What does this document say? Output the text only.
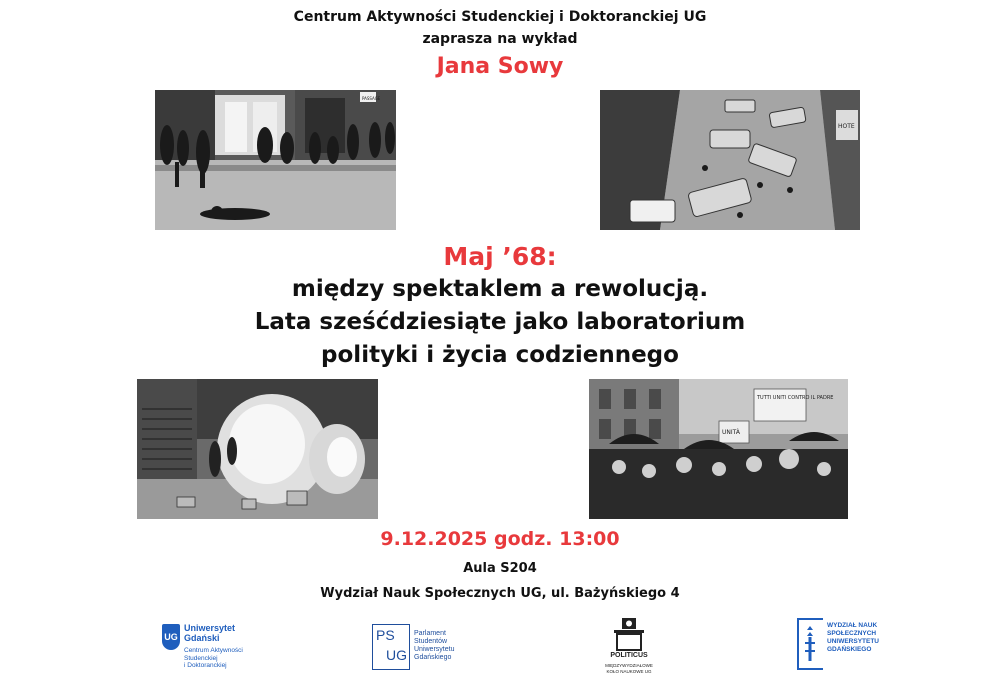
Centrum Aktywności Studenckiej i Doktoranckiej UG
zaprasza na wykład
Jana Sowy
PASSAGE
HOTE
Maj ’68:
między spektaklem a rewolucją.
Lata sześćdziesiąte jako laboratorium
polityki i życia codziennego
TUTTI UNITI CONTRO IL PADRE
UNITÀ
9.12.2025 godz. 13:00
Aula S204
Wydział Nauk Społecznych UG, ul. Bażyńskiego 4
UG
Uniwersytet Gdański
Centrum Aktywności
Studenckiej
i Doktoranckiej
PS
UG
Parlament
Studentów
Uniwersytetu
Gdańskiego	POLITICUS
MIĘDZYWYDZIAŁOWE
KOŁO NAUKOWE UG
WYDZIAŁ NAUK
SPOŁECZNYCH
UNIWERSYTETU
GDAŃSKIEGO
